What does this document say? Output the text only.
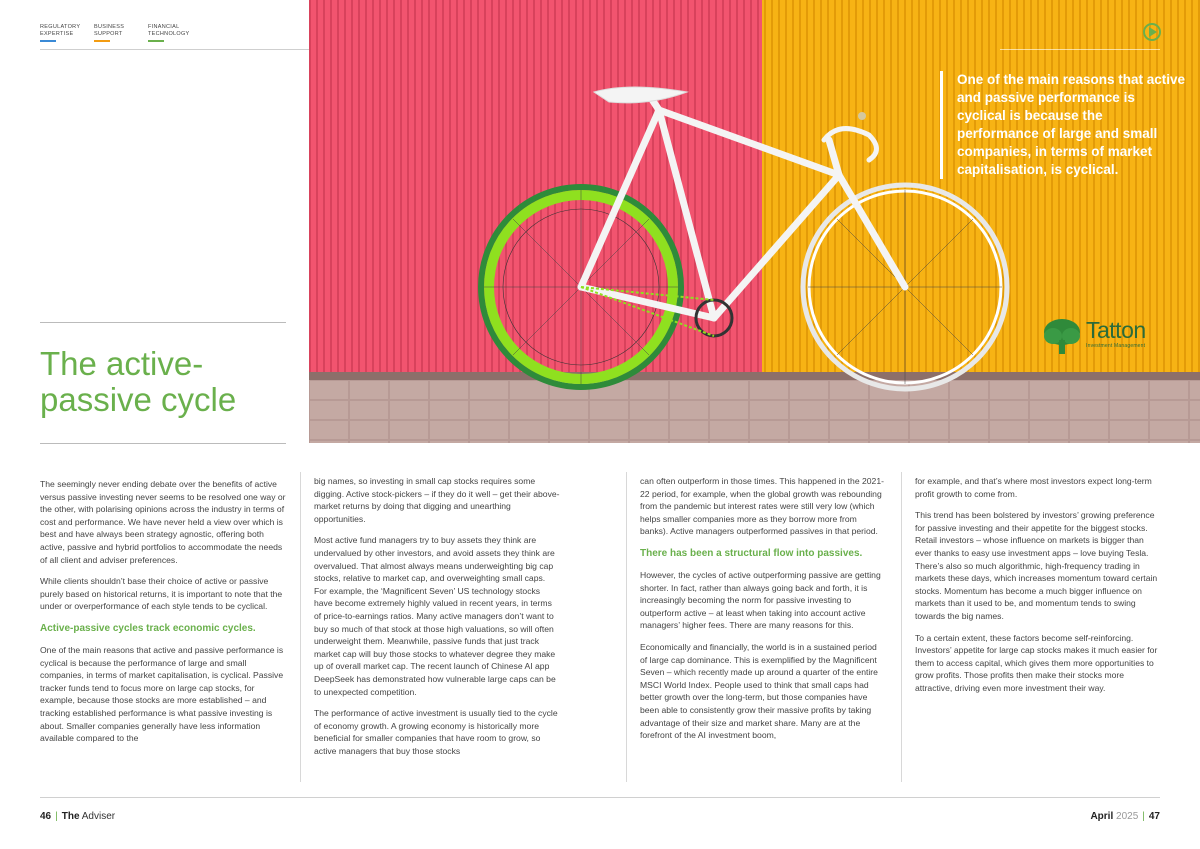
REGULATORY
EXPERTISE
BUSINESS
SUPPORT
FINANCIAL
TECHNOLOGY
One of the main reasons that active and passive performance is cyclical is because the performance of large and small companies, in terms of market capitalisation, is cyclical.
Tatton
Investment Management
The active-passive cycle

The seemingly never ending debate over the benefits of active versus passive investing never seems to be resolved one way or the other, with polarising opinions across the industry in terms of cost and performance. We have never held a view over which is best and have always been strategy agnostic, offering both active, passive and hybrid portfolios to accommodate the needs of all client and adviser preferences.

While clients shouldn’t base their choice of active or passive purely based on historical returns, it is important to note that the under or overperformance of each style tends to be cyclical.

Active-passive cycles track economic cycles.

One of the main reasons that active and passive performance is cyclical is because the performance of large and small companies, in terms of market capitalisation, is cyclical. Passive tracker funds tend to focus more on large cap stocks, for example, because those stocks are more established – and tracking established performance is what passive investing is about. Smaller companies generally have less information available compared to the

big names, so investing in small cap stocks requires some digging. Active stock-pickers – if they do it well – get their above-market returns by doing that digging and unearthing opportunities.

Most active fund managers try to buy assets they think are undervalued by other investors, and avoid assets they think are overvalued. That almost always means underweighting big cap stocks, relative to market cap, and overweighting small caps. For example, the ‘Magnificent Seven’ US technology stocks have become extremely highly valued in recent years, in terms of price-to-earnings ratios. Many active managers don’t want to buy so much of that stock at those high valuations, so will often underweight them. Meanwhile, passive funds that just track market cap will buy those stocks to whatever degree they make up of overall market cap. The recent launch of Chinese AI app DeepSeek has demonstrated how vulnerable large caps can be to unexpected competition.

The performance of active investment is usually tied to the cycle of economy growth. A growing economy is historically more beneficial for smaller companies that have room to grow, so active managers that buy those stocks

can often outperform in those times. This happened in the 2021-22 period, for example, when the global growth was rebounding from the pandemic but interest rates were still very low (which helps smaller companies more as they borrow more from banks). Active managers outperformed passives in that period.

There has been a structural flow into passives.

However, the cycles of active outperforming passive are getting shorter. In fact, rather than always going back and forth, it is increasingly becoming the norm for passive investing to outperform active – at least when taking into account active managers’ higher fees. There are many reasons for this.

Economically and financially, the world is in a sustained period of large cap dominance. This is exemplified by the Magnificent Seven – which recently made up around a quarter of the entire MSCI World Index. People used to think that small caps had better growth over the long-term, but those companies have been able to consistently grow their massive profits by taking advantage of their size and market share. Many are at the forefront of the AI investment boom,

for example, and that’s where most investors expect long-term profit growth to come from.

This trend has been bolstered by investors’ growing preference for passive investing and their appetite for the biggest stocks. Retail investors – whose influence on markets is bigger than ever thanks to easy use investment apps – love buying Tesla. There’s also so much algorithmic, high-frequency trading in markets these days, which increases momentum toward certain stocks. Momentum has become a much bigger influence on markets than it used to be, and momentum tends to swing towards the big names.

To a certain extent, these factors become self-reinforcing. Investors’ appetite for large cap stocks makes it much easier for them to access capital, which gives them more opportunities to grow profits. Those profits then make their stocks more attractive, driving even more investment their way.

46 | The Adviser	April 2025 | 47
